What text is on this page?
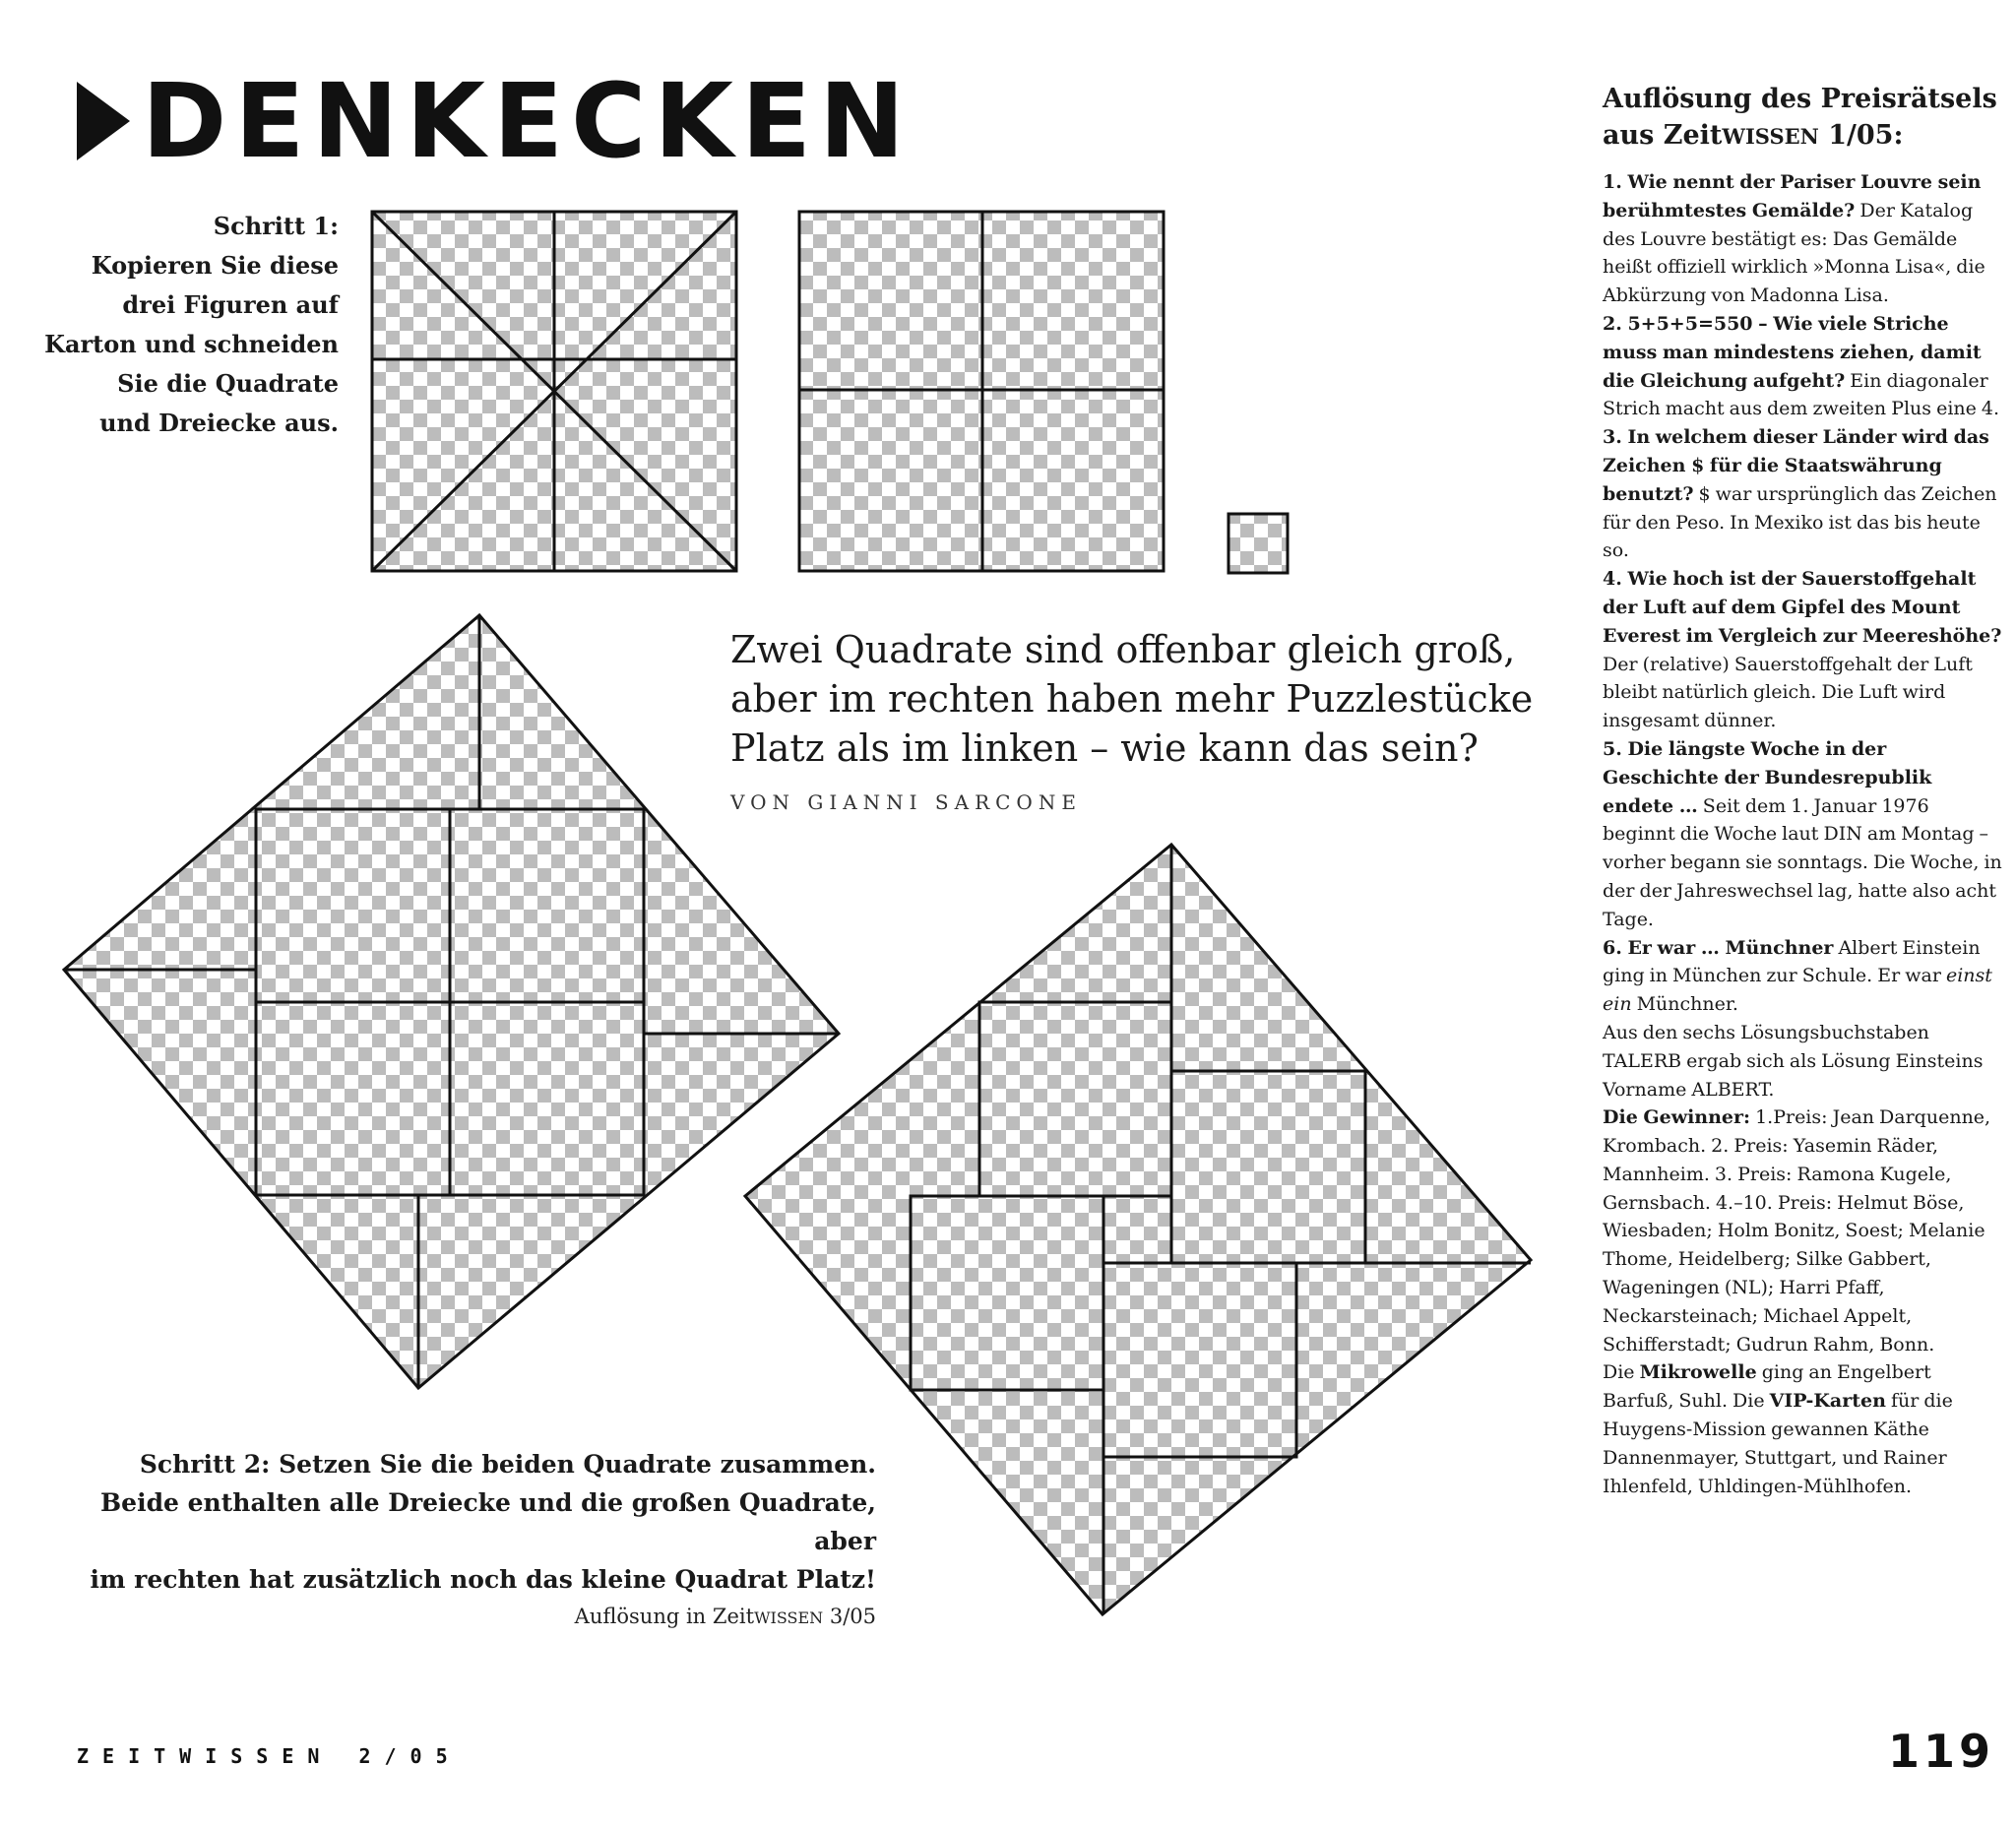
DENKECKEN
Schritt 1:
Kopieren Sie diese
drei Figuren auf
Karton und schneiden
Sie die Quadrate
und Dreiecke aus.
Zwei Quadrate sind offenbar gleich groß,
aber im rechten haben mehr Puzzlestücke
Platz als im linken – wie kann das sein?
VON GIANNI SARCONE
Schritt 2: Setzen Sie die beiden Quadrate zusammen.
Beide enthalten alle Dreiecke und die großen Quadrate, aber
im rechten hat zusätzlich noch das kleine Quadrat Platz!
Auflösung in ZeitWISSEN 3/05
Auflösung des Preisrätsels
aus ZeitWISSEN 1/05:

1. Wie nennt der Pariser Louvre sein berühmtestes Gemälde? Der Katalog des Louvre bestätigt es: Das Gemälde heißt offiziell wirklich »Monna Lisa«, die Abkürzung von Madonna Lisa.

2. 5+5+5=550 – Wie viele Striche muss man mindestens ziehen, damit die Gleichung aufgeht? Ein diagonaler Strich macht aus dem zweiten Plus eine 4.

3. In welchem dieser Länder wird das Zeichen $ für die Staatswährung benutzt? $ war ursprünglich das Zeichen für den Peso. In Mexiko ist das bis heute so.

4. Wie hoch ist der Sauerstoffgehalt der Luft auf dem Gipfel des Mount Everest im Vergleich zur Meereshöhe? Der (relative) Sauerstoffgehalt der Luft bleibt natürlich gleich. Die Luft wird insgesamt dünner.

5. Die längste Woche in der Geschichte der Bundesrepublik endete … Seit dem 1. Januar 1976 beginnt die Woche laut DIN am Montag – vorher begann sie sonntags. Die Woche, in der der Jahreswechsel lag, hatte also acht Tage.

6. Er war … Münchner Albert Einstein ging in München zur Schule. Er war einst ein Münchner.

Aus den sechs Lösungsbuchstaben TALERB ergab sich als Lösung Einsteins Vorname ALBERT.

Die Gewinner: 1.Preis: Jean Darquenne, Krombach. 2. Preis: Yasemin Räder, Mannheim. 3. Preis: Ramona Kugele, Gernsbach. 4.–10. Preis: Helmut Böse, Wiesbaden; Holm Bonitz, Soest; Melanie Thome, Heidelberg; Silke Gabbert, Wageningen (NL); Harri Pfaff, Neckarsteinach; Michael Appelt, Schifferstadt; Gudrun Rahm, Bonn.

Die Mikrowelle ging an Engelbert Barfuß, Suhl. Die VIP-Karten für die Huygens-Mission gewannen Käthe Dannenmayer, Stuttgart, und Rainer Ihlenfeld, Uhldingen-Mühlhofen.

ZEITWISSEN 2/05	119
